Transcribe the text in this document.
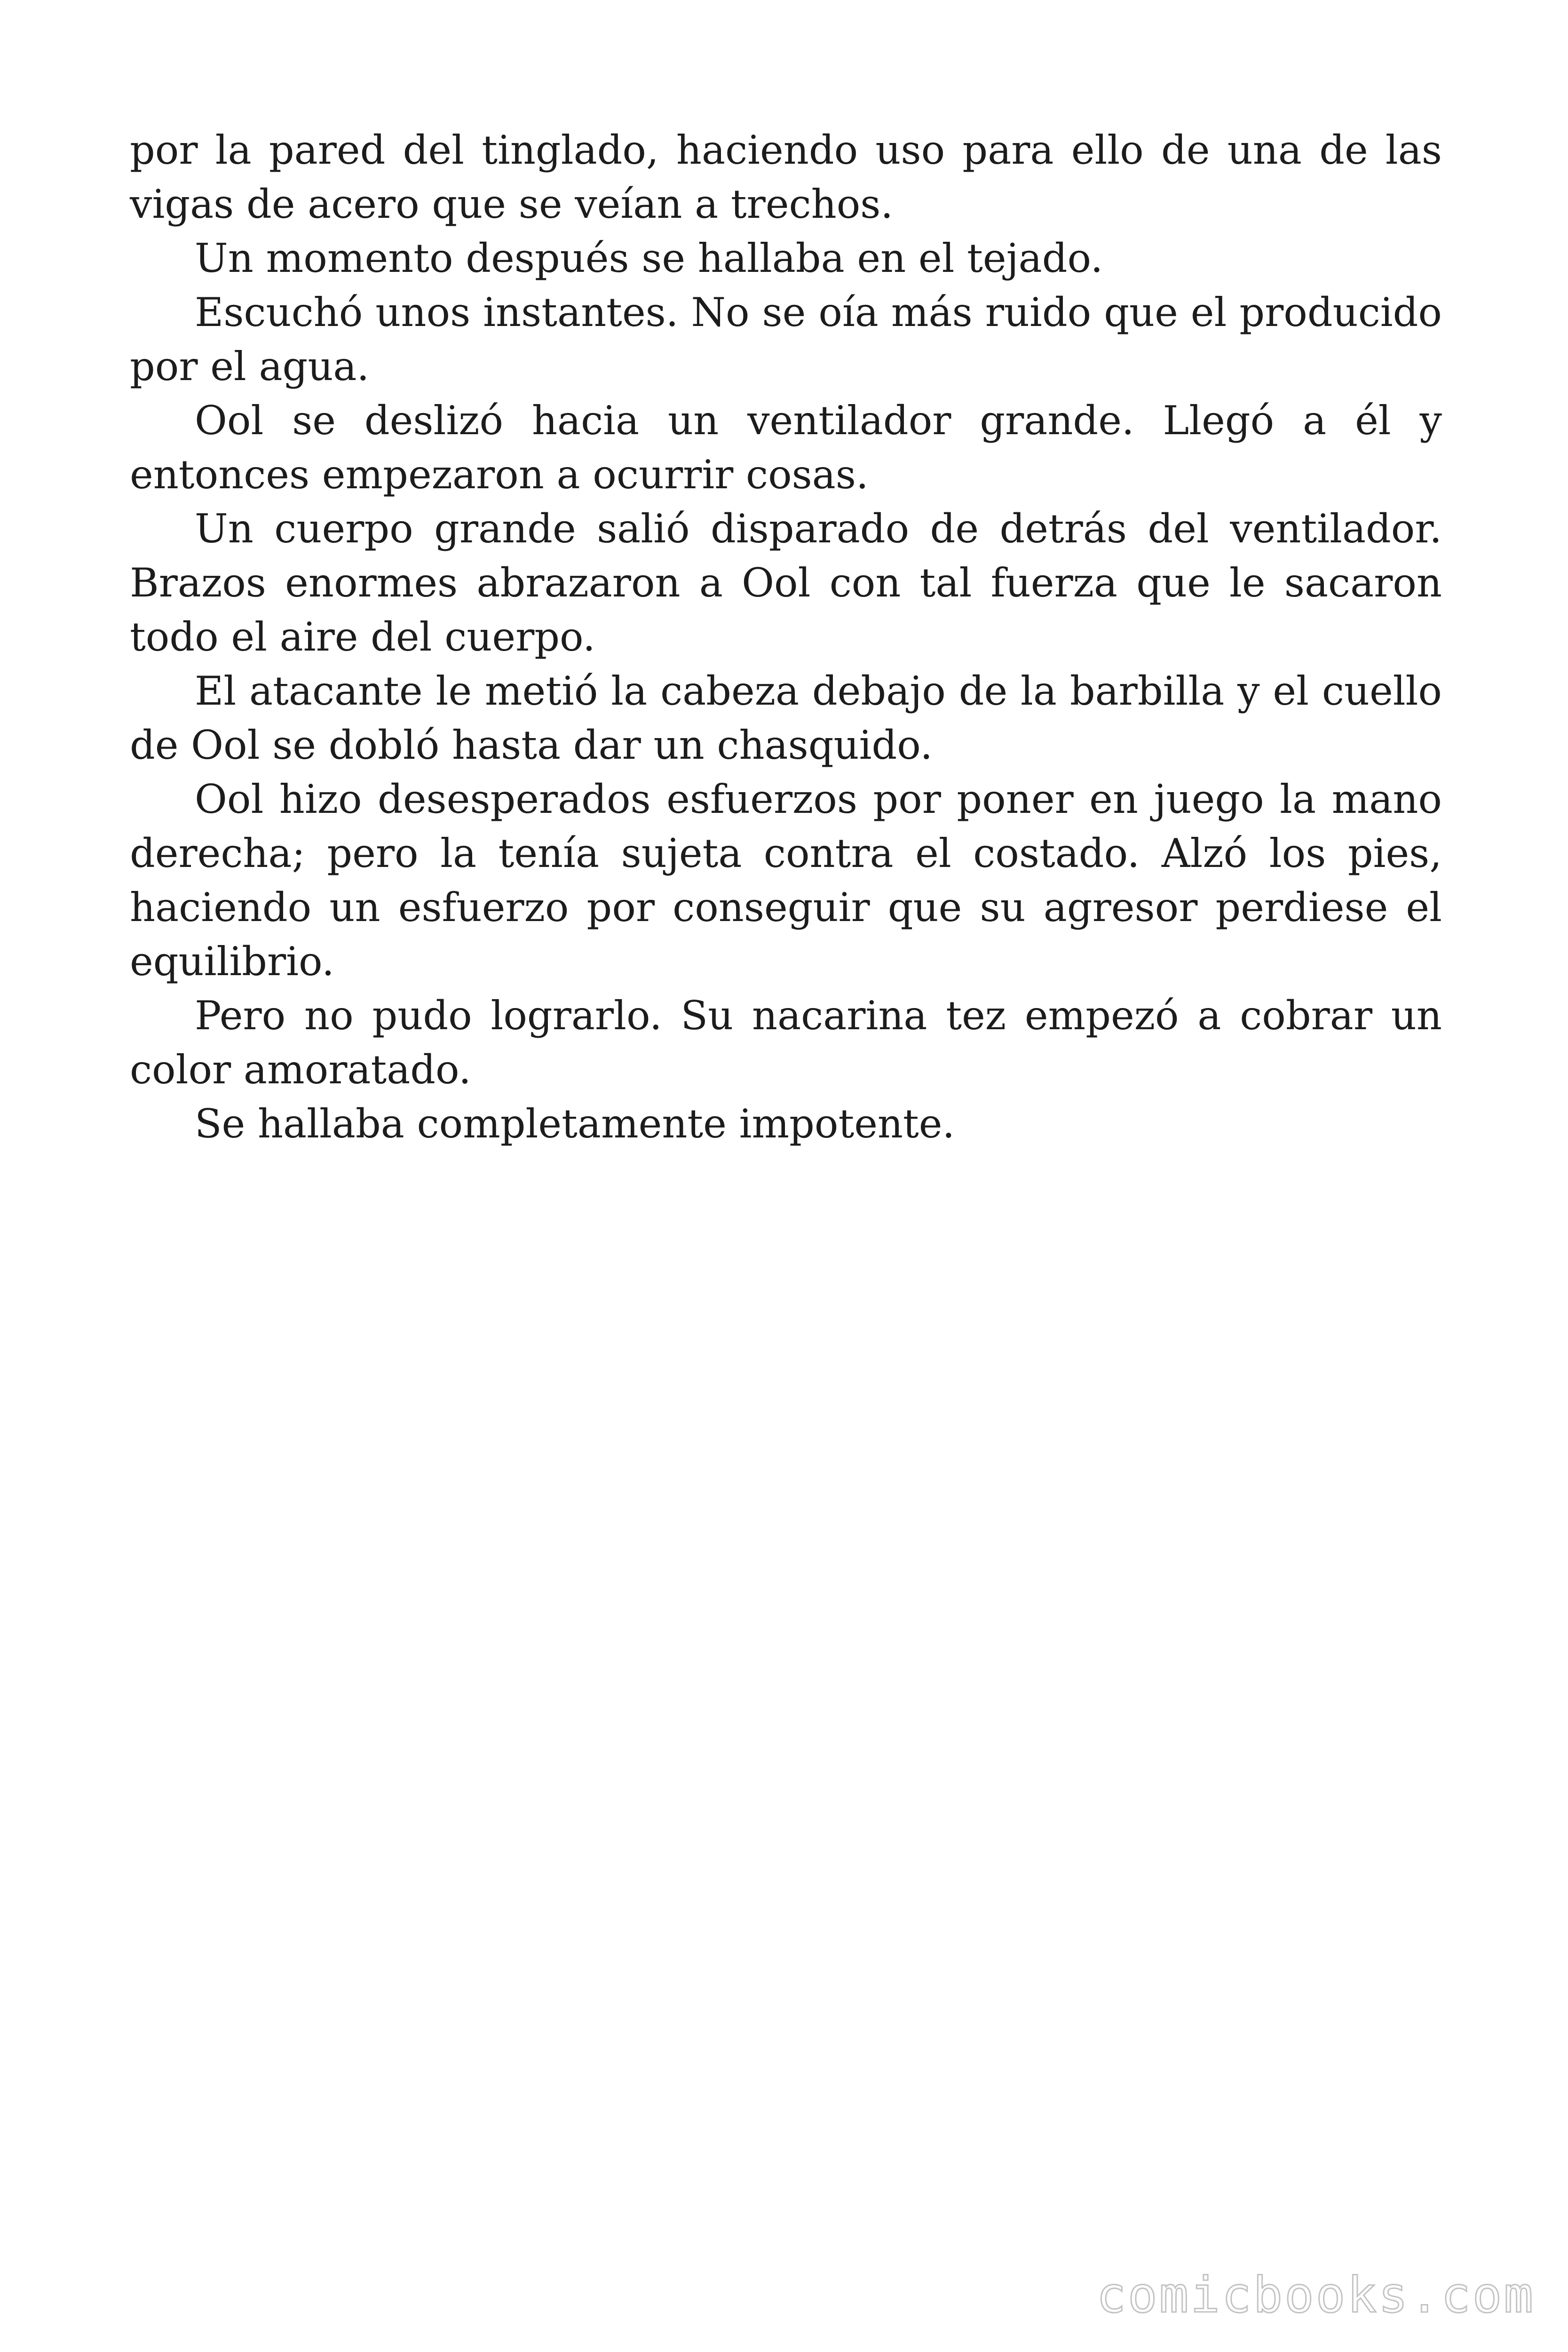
por la pared del tinglado, haciendo uso para ello de una de las vigas de acero que se veían a trechos.

Un momento después se hallaba en el tejado.

Escuchó unos instantes. No se oía más ruido que el producido por el agua.

Ool se deslizó hacia un ventilador grande. Llegó a él y entonces empezaron a ocurrir cosas.

Un cuerpo grande salió disparado de detrás del ventilador. Brazos enormes abrazaron a Ool con tal fuerza que le sacaron todo el aire del cuerpo.

El atacante le metió la cabeza debajo de la barbilla y el cuello de Ool se dobló hasta dar un chasquido.

Ool hizo desesperados esfuerzos por poner en juego la mano derecha; pero la tenía sujeta contra el costado. Alzó los pies, haciendo un esfuerzo por conseguir que su agresor perdiese el equilibrio.

Pero no pudo lograrlo. Su nacarina tez empezó a cobrar un color amoratado.

Se hallaba completamente impotente.

comicbooks.com
